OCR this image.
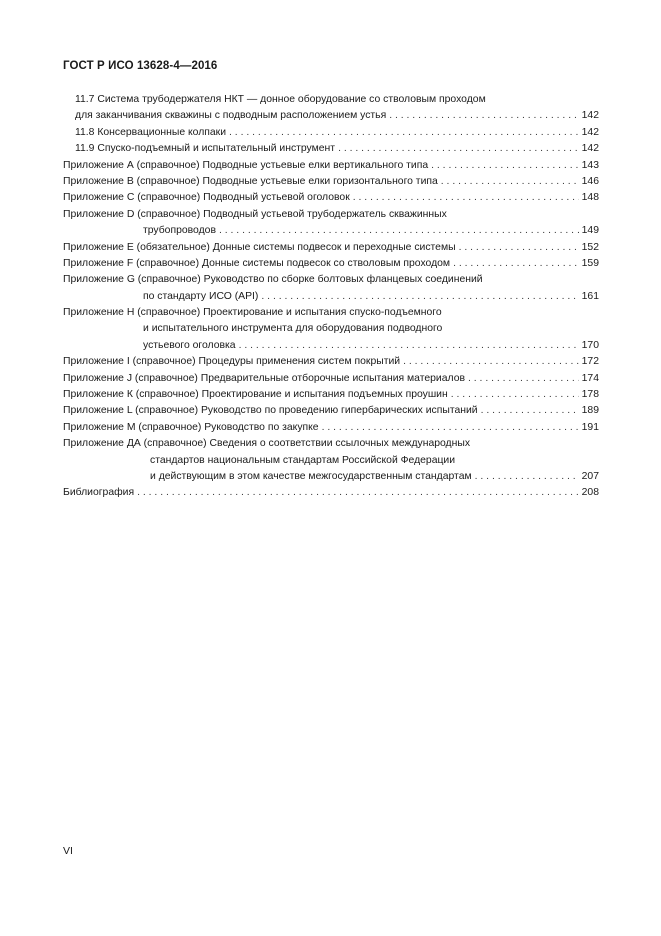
ГОСТ Р ИСО 13628-4—2016
11.7 Система трубодержателя НКТ — донное оборудование со стволовым проходом
для заканчивания скважины с подводным расположением устья . . .	142
11.8 Консервационные колпаки . . .	142
11.9 Спуско-подъемный и испытательный инструмент . . .	142
Приложение А (справочное) Подводные устьевые елки вертикального типа . . .	143
Приложение В (справочное) Подводные устьевые елки горизонтального типа . . .	146
Приложение С (справочное) Подводный устьевой оголовок . . .	148
Приложение D (справочное) Подводный устьевой трубодержатель скважинных
трубопроводов . . .	149
Приложение Е (обязательное) Донные системы подвесок и переходные системы . . .	152
Приложение F (справочное) Донные системы подвесок со стволовым проходом . . .	159
Приложение G (справочное) Руководство по сборке болтовых фланцевых соединений
по стандарту ИСО (API) . . .	161
Приложение Н (справочное) Проектирование и испытания спуско-подъемного
и испытательного инструмента для оборудования подводного
устьевого оголовка . . .	170
Приложение I (справочное) Процедуры применения систем покрытий . . .	172
Приложение J (справочное) Предварительные отборочные испытания материалов . . .	174
Приложение К (справочное) Проектирование и испытания подъемных проушин . . .	178
Приложение L (справочное) Руководство по проведению гипербарических испытаний . . .	189
Приложение М (справочное) Руководство по закупке . . .	191
Приложение ДА (справочное) Сведения о соответствии ссылочных международных
стандартов национальным стандартам Российской Федерации
и действующим в этом качестве межгосударственным стандартам . . .	207
Библиография . . .	208
VI
